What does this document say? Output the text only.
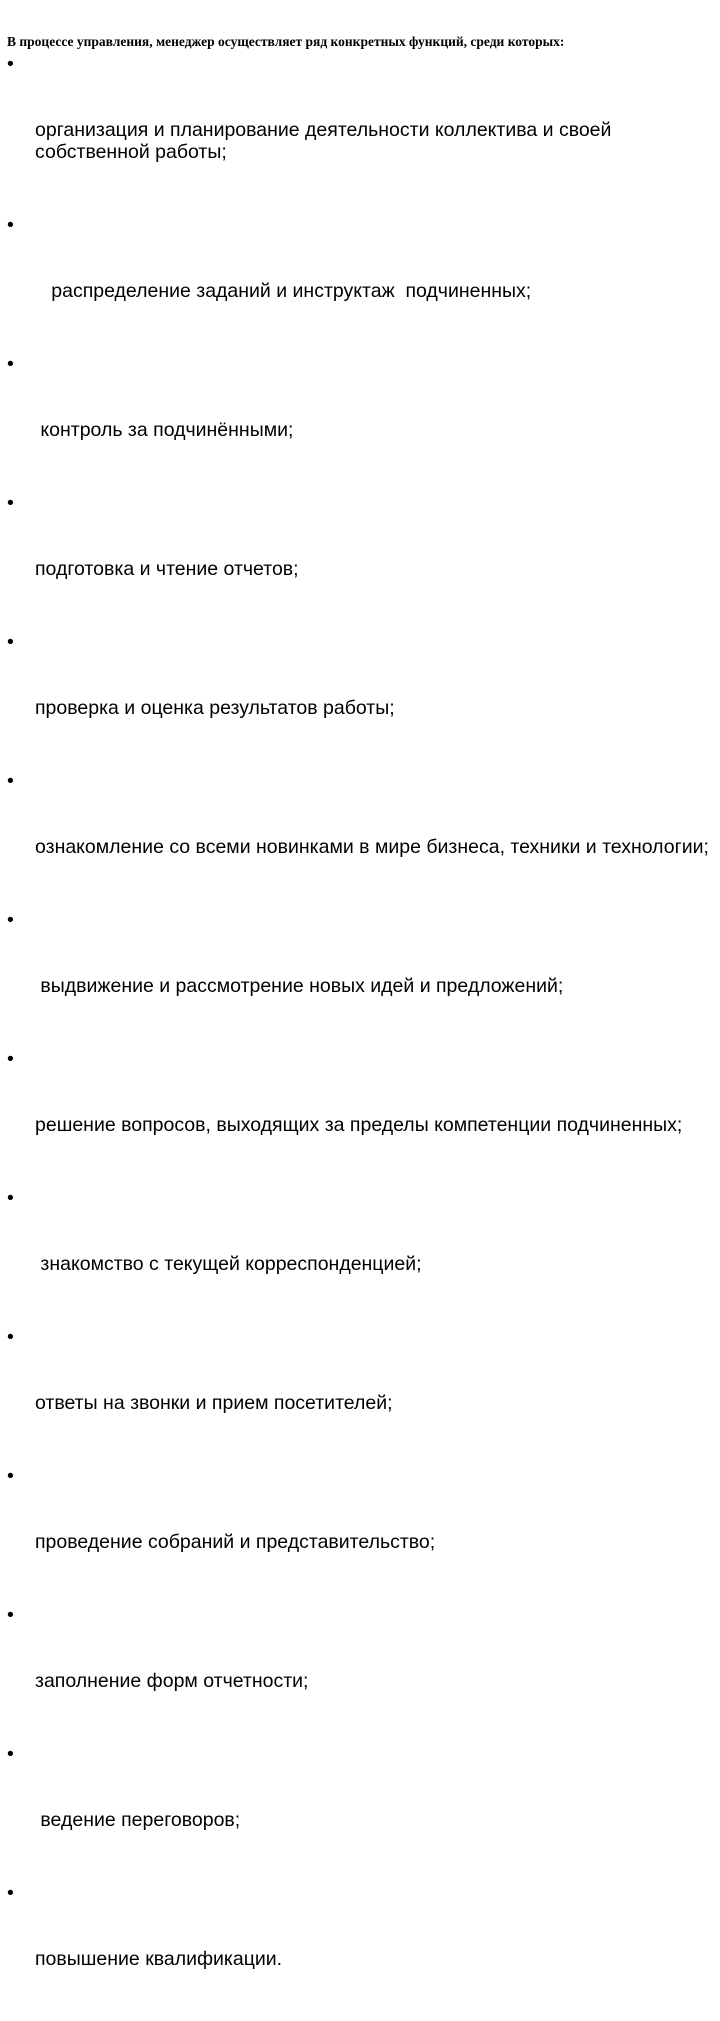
В процессе управления, менеджер осуществляет ряд конкретных функций, среди которых:

•

организация и планирование деятельности коллектива и своей собственной работы;

•

распределение заданий и инструктаж  подчиненных;

•

контроль за подчинёнными;

•

подготовка и чтение отчетов;

•

проверка и оценка результатов работы;

•

ознакомление со всеми новинками в мире бизнеса, техники и технологии;

•

выдвижение и рассмотрение новых идей и предложений;

•

решение вопросов, выходящих за пределы компетенции подчиненных;

•

знакомство с текущей корреспонденцией;

•

ответы на звонки и прием посетителей;

•

проведение собраний и представительство;

•

заполнение форм отчетности;

•

ведение переговоров;

•

повышение квалификации.
